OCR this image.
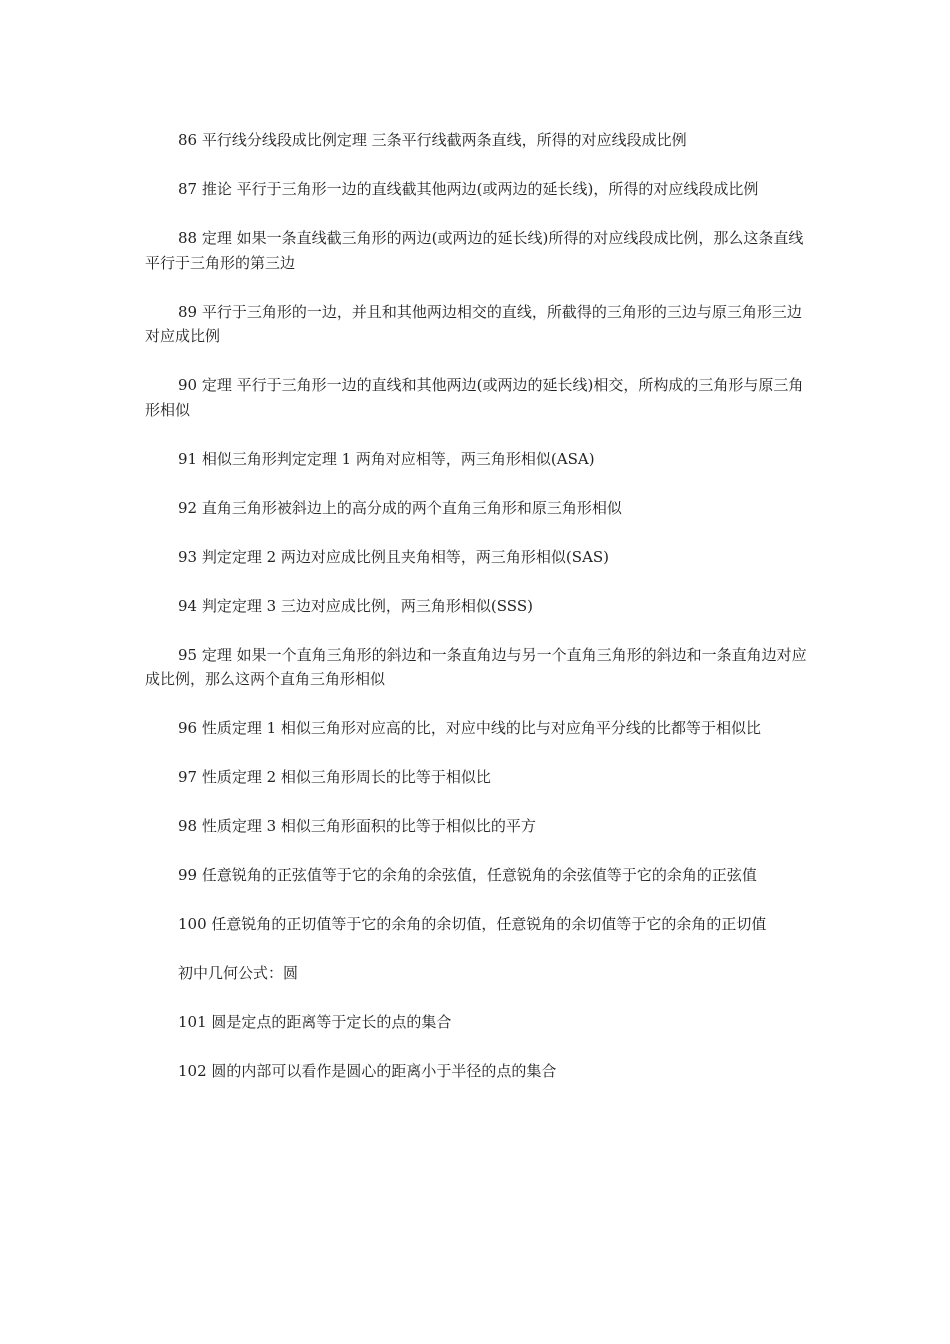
86 平行线分线段成比例定理 三条平行线截两条直线，所得的对应线段成比例

87 推论 平行于三角形一边的直线截其他两边(或两边的延长线)，所得的对应线段成比例

88 定理 如果一条直线截三角形的两边(或两边的延长线)所得的对应线段成比例，那么这条直线平行于三角形的第三边

89 平行于三角形的一边，并且和其他两边相交的直线，所截得的三角形的三边与原三角形三边对应成比例

90 定理 平行于三角形一边的直线和其他两边(或两边的延长线)相交，所构成的三角形与原三角形相似

91 相似三角形判定定理 1 两角对应相等，两三角形相似(ASA)

92 直角三角形被斜边上的高分成的两个直角三角形和原三角形相似

93 判定定理 2 两边对应成比例且夹角相等，两三角形相似(SAS)

94 判定定理 3 三边对应成比例，两三角形相似(SSS)

95 定理 如果一个直角三角形的斜边和一条直角边与另一个直角三角形的斜边和一条直角边对应成比例，那么这两个直角三角形相似

96 性质定理 1 相似三角形对应高的比，对应中线的比与对应角平分线的比都等于相似比

97 性质定理 2 相似三角形周长的比等于相似比

98 性质定理 3 相似三角形面积的比等于相似比的平方

99 任意锐角的正弦值等于它的余角的余弦值，任意锐角的余弦值等于它的余角的正弦值

100 任意锐角的正切值等于它的余角的余切值，任意锐角的余切值等于它的余角的正切值

初中几何公式：圆

101 圆是定点的距离等于定长的点的集合

102 圆的内部可以看作是圆心的距离小于半径的点的集合
